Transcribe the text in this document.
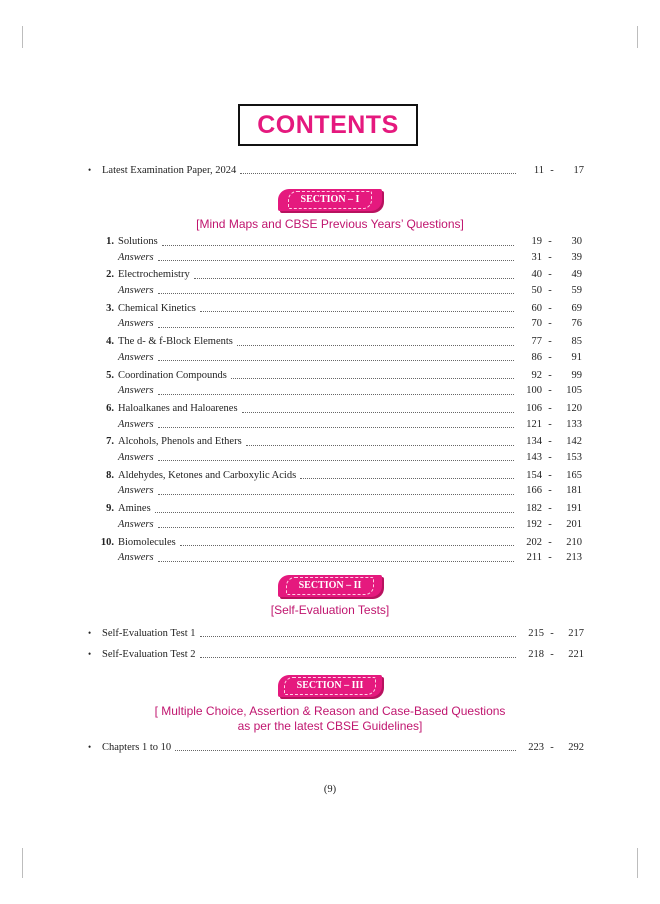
CONTENTS
•	Latest Examination Paper, 2024	11 -	17
SECTION – I
[Mind Maps and CBSE Previous Years’ Questions]
1. Solutions	19 -	30
Answers	31 -	39
2. Electrochemistry	40 -	49
Answers	50 -	59
3. Chemical Kinetics	60 -	69
Answers	70 -	76
4. The d- & f-Block Elements	77 -	85
Answers	86 -	91
5. Coordination Compounds	92 -	99
Answers	100 -	105
6. Haloalkanes and Haloarenes	106 -	120
Answers	121 -	133
7. Alcohols, Phenols and Ethers	134 -	142
Answers	143 -	153
8. Aldehydes, Ketones and Carboxylic Acids	154 -	165
Answers	166 -	181
9. Amines	182 -	191
Answers	192 -	201
10. Biomolecules	202 -	210
Answers	211 -	213
SECTION – II
[Self-Evaluation Tests]
•	Self-Evaluation Test 1	215 -	217
•	Self-Evaluation Test 2	218 -	221
SECTION – III
[ Multiple Choice, Assertion & Reason and Case-Based Questions
as per the latest CBSE Guidelines]
•	Chapters 1 to 10	223 -	292
(9)
